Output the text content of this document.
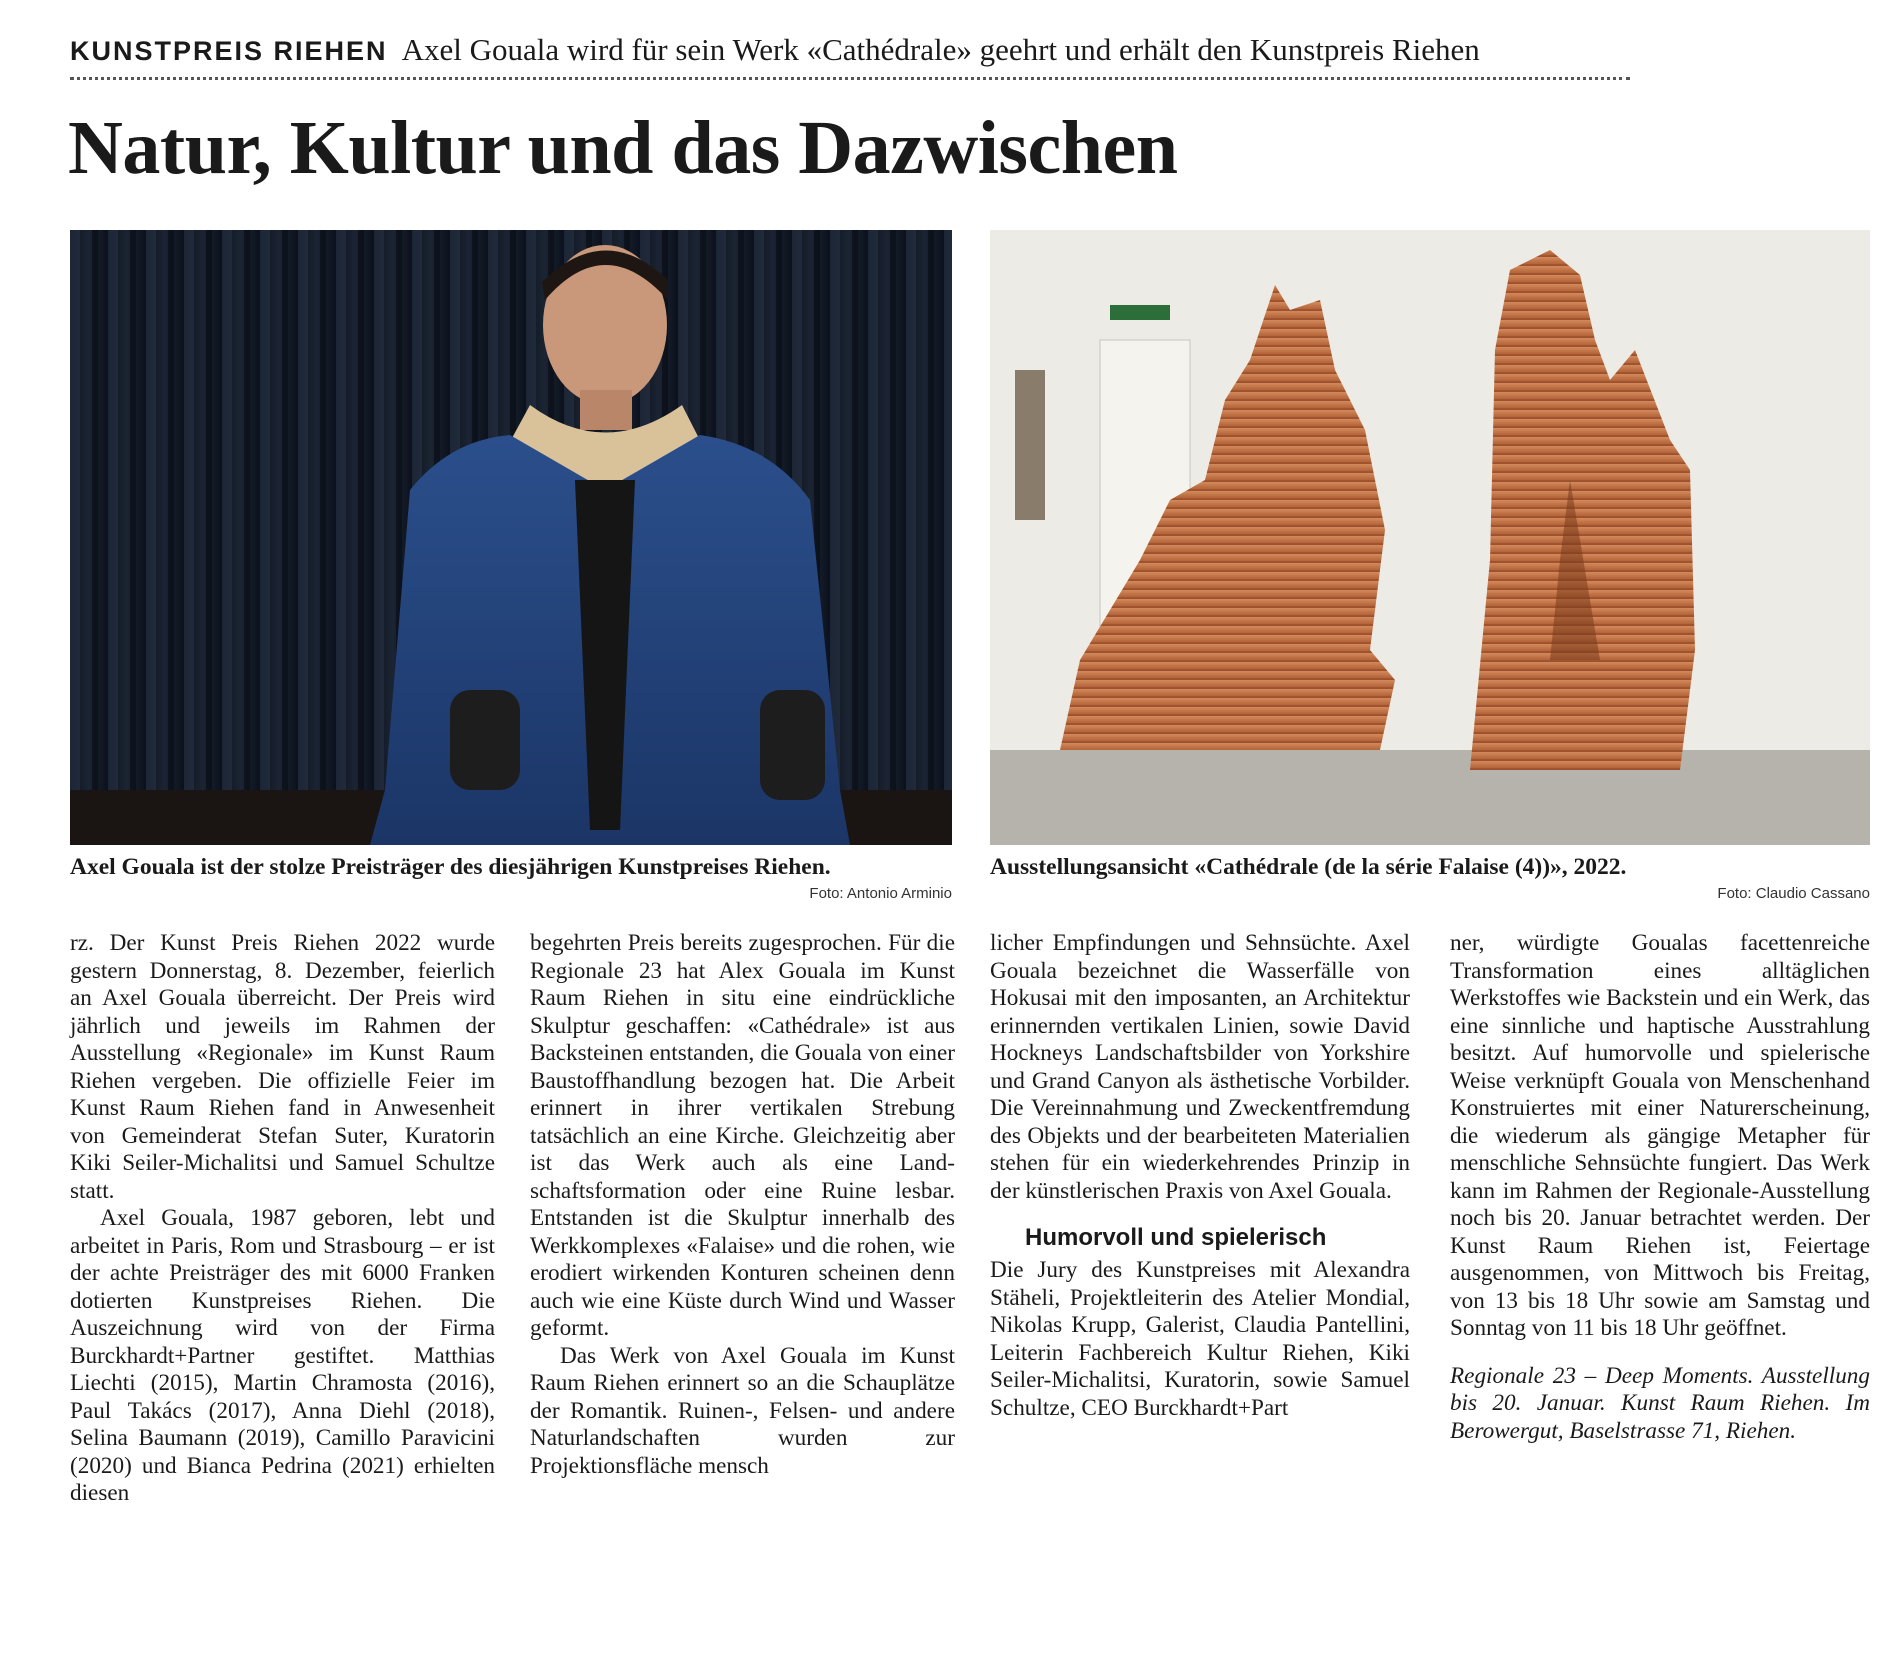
KUNSTPREIS RIEHEN Axel Gouala wird für sein Werk «Cathédrale» geehrt und erhält den Kunstpreis Riehen
Natur, Kultur und das Dazwischen
Axel Gouala ist der stolze Preisträger des diesjährigen Kunstpreises Riehen.
Foto: Antonio Arminio
Ausstellungsansicht «Cathédrale (de la série Falaise (4))», 2022.
Foto: Claudio Cassano

rz. Der Kunst Preis Riehen 2022 wurde gestern Donnerstag, 8. Dezember, feierlich an Axel Gouala überreicht. Der Preis wird jährlich und jeweils im Rahmen der Ausstellung «Regionale» im Kunst Raum Riehen vergeben. Die offizielle Feier im Kunst Raum Riehen fand in Anwesenheit von Gemeinderat Stefan Suter, Kuratorin Kiki Seiler-Michalitsi und Samuel Schultze statt.

Axel Gouala, 1987 geboren, lebt und arbeitet in Paris, Rom und Strasbourg – er ist der achte Preisträger des mit 6000 Franken dotierten Kunstpreises Riehen. Die Auszeichnung wird von der Firma Burckhardt+Partner gestiftet. Matthias Liechti (2015), Martin Chramosta (2016), Paul Takács (2017), Anna Diehl (2018), Selina Baumann (2019), Camillo Paravicini (2020) und Bianca Pedrina (2021) erhielten diesen

begehrten Preis bereits zugesprochen. Für die Regionale 23 hat Alex Gouala im Kunst Raum Riehen in situ eine eindrückliche Skulptur geschaffen: «Cathédrale» ist aus Backsteinen entstanden, die Gouala von einer Baustoffhandlung bezogen hat. Die Arbeit erinnert in ihrer vertikalen Strebung tatsächlich an eine Kirche. Gleichzeitig aber ist das Werk auch als eine Landschaftsformation oder eine Ruine lesbar. Entstanden ist die Skulptur innerhalb des Werkkomplexes «Falaise» und die rohen, wie erodiert wirkenden Konturen scheinen denn auch wie eine Küste durch Wind und Wasser geformt.

Das Werk von Axel Gouala im Kunst Raum Riehen erinnert so an die Schauplätze der Romantik. Ruinen-, Felsen- und andere Naturlandschaften wurden zur Projektionsfläche mensch

licher Empfindungen und Sehnsüchte. Axel Gouala bezeichnet die Wasserfälle von Hokusai mit den imposanten, an Architektur erinnernden vertikalen Linien, sowie David Hockneys Landschaftsbilder von Yorkshire und Grand Canyon als ästhetische Vorbilder. Die Vereinnahmung und Zweckentfremdung des Objekts und der bearbeiteten Materialien stehen für ein wiederkehrendes Prinzip in der künstlerischen Praxis von Axel Gouala.

Humorvoll und spielerisch

Die Jury des Kunstpreises mit Alexandra Stäheli, Projektleiterin des Atelier Mondial, Nikolas Krupp, Galerist, Claudia Pantellini, Leiterin Fachbereich Kultur Riehen, Kiki Seiler-Michalitsi, Kuratorin, sowie Samuel Schultze, CEO Burckhardt+Part

ner, würdigte Goualas facettenreiche Transformation eines alltäglichen Werkstoffes wie Backstein und ein Werk, das eine sinnliche und haptische Ausstrahlung besitzt. Auf humorvolle und spielerische Weise verknüpft Gouala von Menschenhand Konstruiertes mit einer Naturerscheinung, die wiederum als gängige Metapher für menschliche Sehnsüchte fungiert. Das Werk kann im Rahmen der Regionale-Ausstellung noch bis 20. Januar betrachtet werden. Der Kunst Raum Riehen ist, Feiertage ausgenommen, von Mittwoch bis Freitag, von 13 bis 18 Uhr sowie am Samstag und Sonntag von 11 bis 18 Uhr geöffnet.

Regionale 23 – Deep Moments. Ausstellung bis 20. Januar. Kunst Raum Riehen. Im Berowergut, Baselstrasse 71, Riehen.
